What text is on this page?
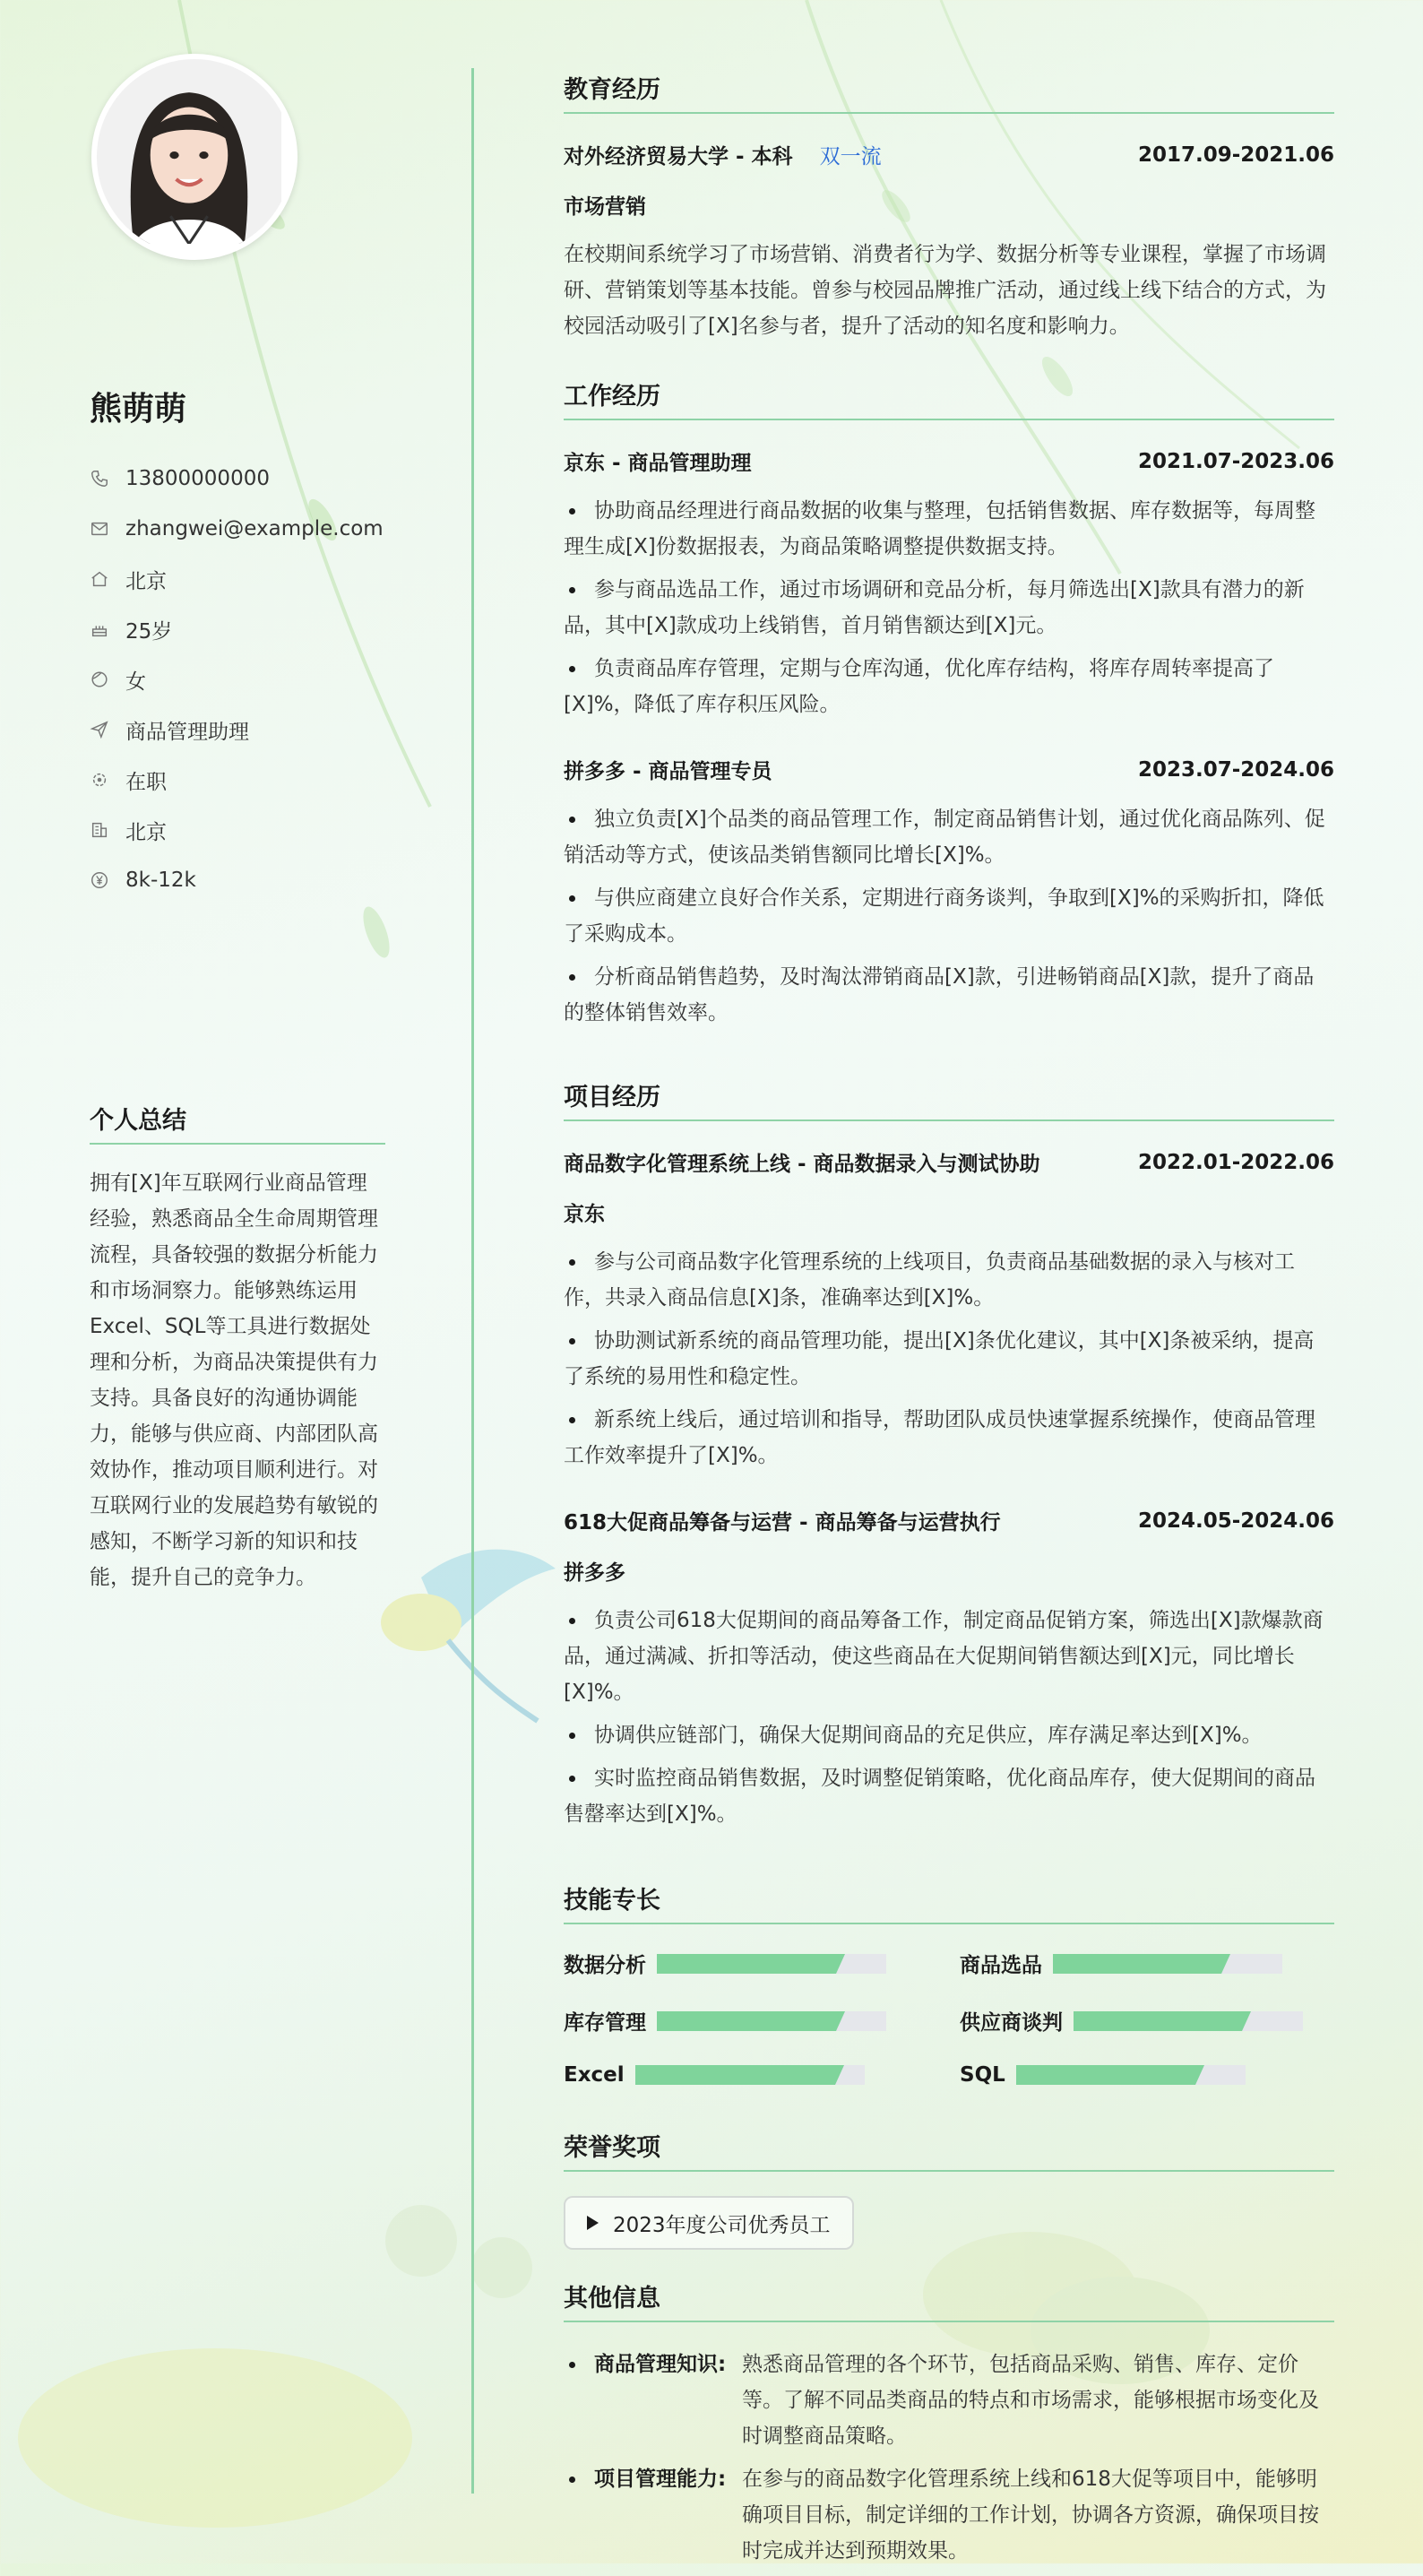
熊萌萌
13800000000
zhangwei@example.com
北京
25岁
女
商品管理助理
在职
北京
8k-12k
个人总结

拥有[X]年互联网行业商品管理经验，熟悉商品全生命周期管理流程，具备较强的数据分析能力和市场洞察力。能够熟练运用Excel、SQL等工具进行数据处理和分析，为商品决策提供有力支持。具备良好的沟通协调能力，能够与供应商、内部团队高效协作，推动项目顺利进行。对互联网行业的发展趋势有敏锐的感知，不断学习新的知识和技能，提升自己的竞争力。

教育经历
对外经济贸易大学 - 本科 双一流	2017.09-2021.06
市场营销

在校期间系统学习了市场营销、消费者行为学、数据分析等专业课程，掌握了市场调研、营销策划等基本技能。曾参与校园品牌推广活动，通过线上线下结合的方式，为校园活动吸引了[X]名参与者，提升了活动的知名度和影响力。

工作经历
京东 - 商品管理助理	2021.07-2023.06
协助商品经理进行商品数据的收集与整理，包括销售数据、库存数据等，每周整理生成[X]份数据报表，为商品策略调整提供数据支持。
参与商品选品工作，通过市场调研和竞品分析，每月筛选出[X]款具有潜力的新品，其中[X]款成功上线销售，首月销售额达到[X]元。
负责商品库存管理，定期与仓库沟通，优化库存结构，将库存周转率提高了[X]%，降低了库存积压风险。
拼多多 - 商品管理专员	2023.07-2024.06
独立负责[X]个品类的商品管理工作，制定商品销售计划，通过优化商品陈列、促销活动等方式，使该品类销售额同比增长[X]%。
与供应商建立良好合作关系，定期进行商务谈判，争取到[X]%的采购折扣，降低了采购成本。
分析商品销售趋势，及时淘汰滞销商品[X]款，引进畅销商品[X]款，提升了商品的整体销售效率。
项目经历
商品数字化管理系统上线 - 商品数据录入与测试协助	2022.01-2022.06
京东
参与公司商品数字化管理系统的上线项目，负责商品基础数据的录入与核对工作，共录入商品信息[X]条，准确率达到[X]%。
协助测试新系统的商品管理功能，提出[X]条优化建议，其中[X]条被采纳，提高了系统的易用性和稳定性。
新系统上线后，通过培训和指导，帮助团队成员快速掌握系统操作，使商品管理工作效率提升了[X]%。
618大促商品筹备与运营 - 商品筹备与运营执行	2024.05-2024.06
拼多多
负责公司618大促期间的商品筹备工作，制定商品促销方案，筛选出[X]款爆款商品，通过满减、折扣等活动，使这些商品在大促期间销售额达到[X]元，同比增长[X]%。
协调供应链部门，确保大促期间商品的充足供应，库存满足率达到[X]%。
实时监控商品销售数据，及时调整促销策略，优化商品库存，使大促期间的商品售罄率达到[X]%。
技能专长
数据分析	商品选品
库存管理	供应商谈判
Excel	SQL
荣誉奖项
2023年度公司优秀员工
其他信息
商品管理知识: 熟悉商品管理的各个环节，包括商品采购、销售、库存、定价等。了解不同品类商品的特点和市场需求，能够根据市场变化及时调整商品策略。
项目管理能力: 在参与的商品数字化管理系统上线和618大促等项目中，能够明确项目目标，制定详细的工作计划，协调各方资源，确保项目按时完成并达到预期效果。
